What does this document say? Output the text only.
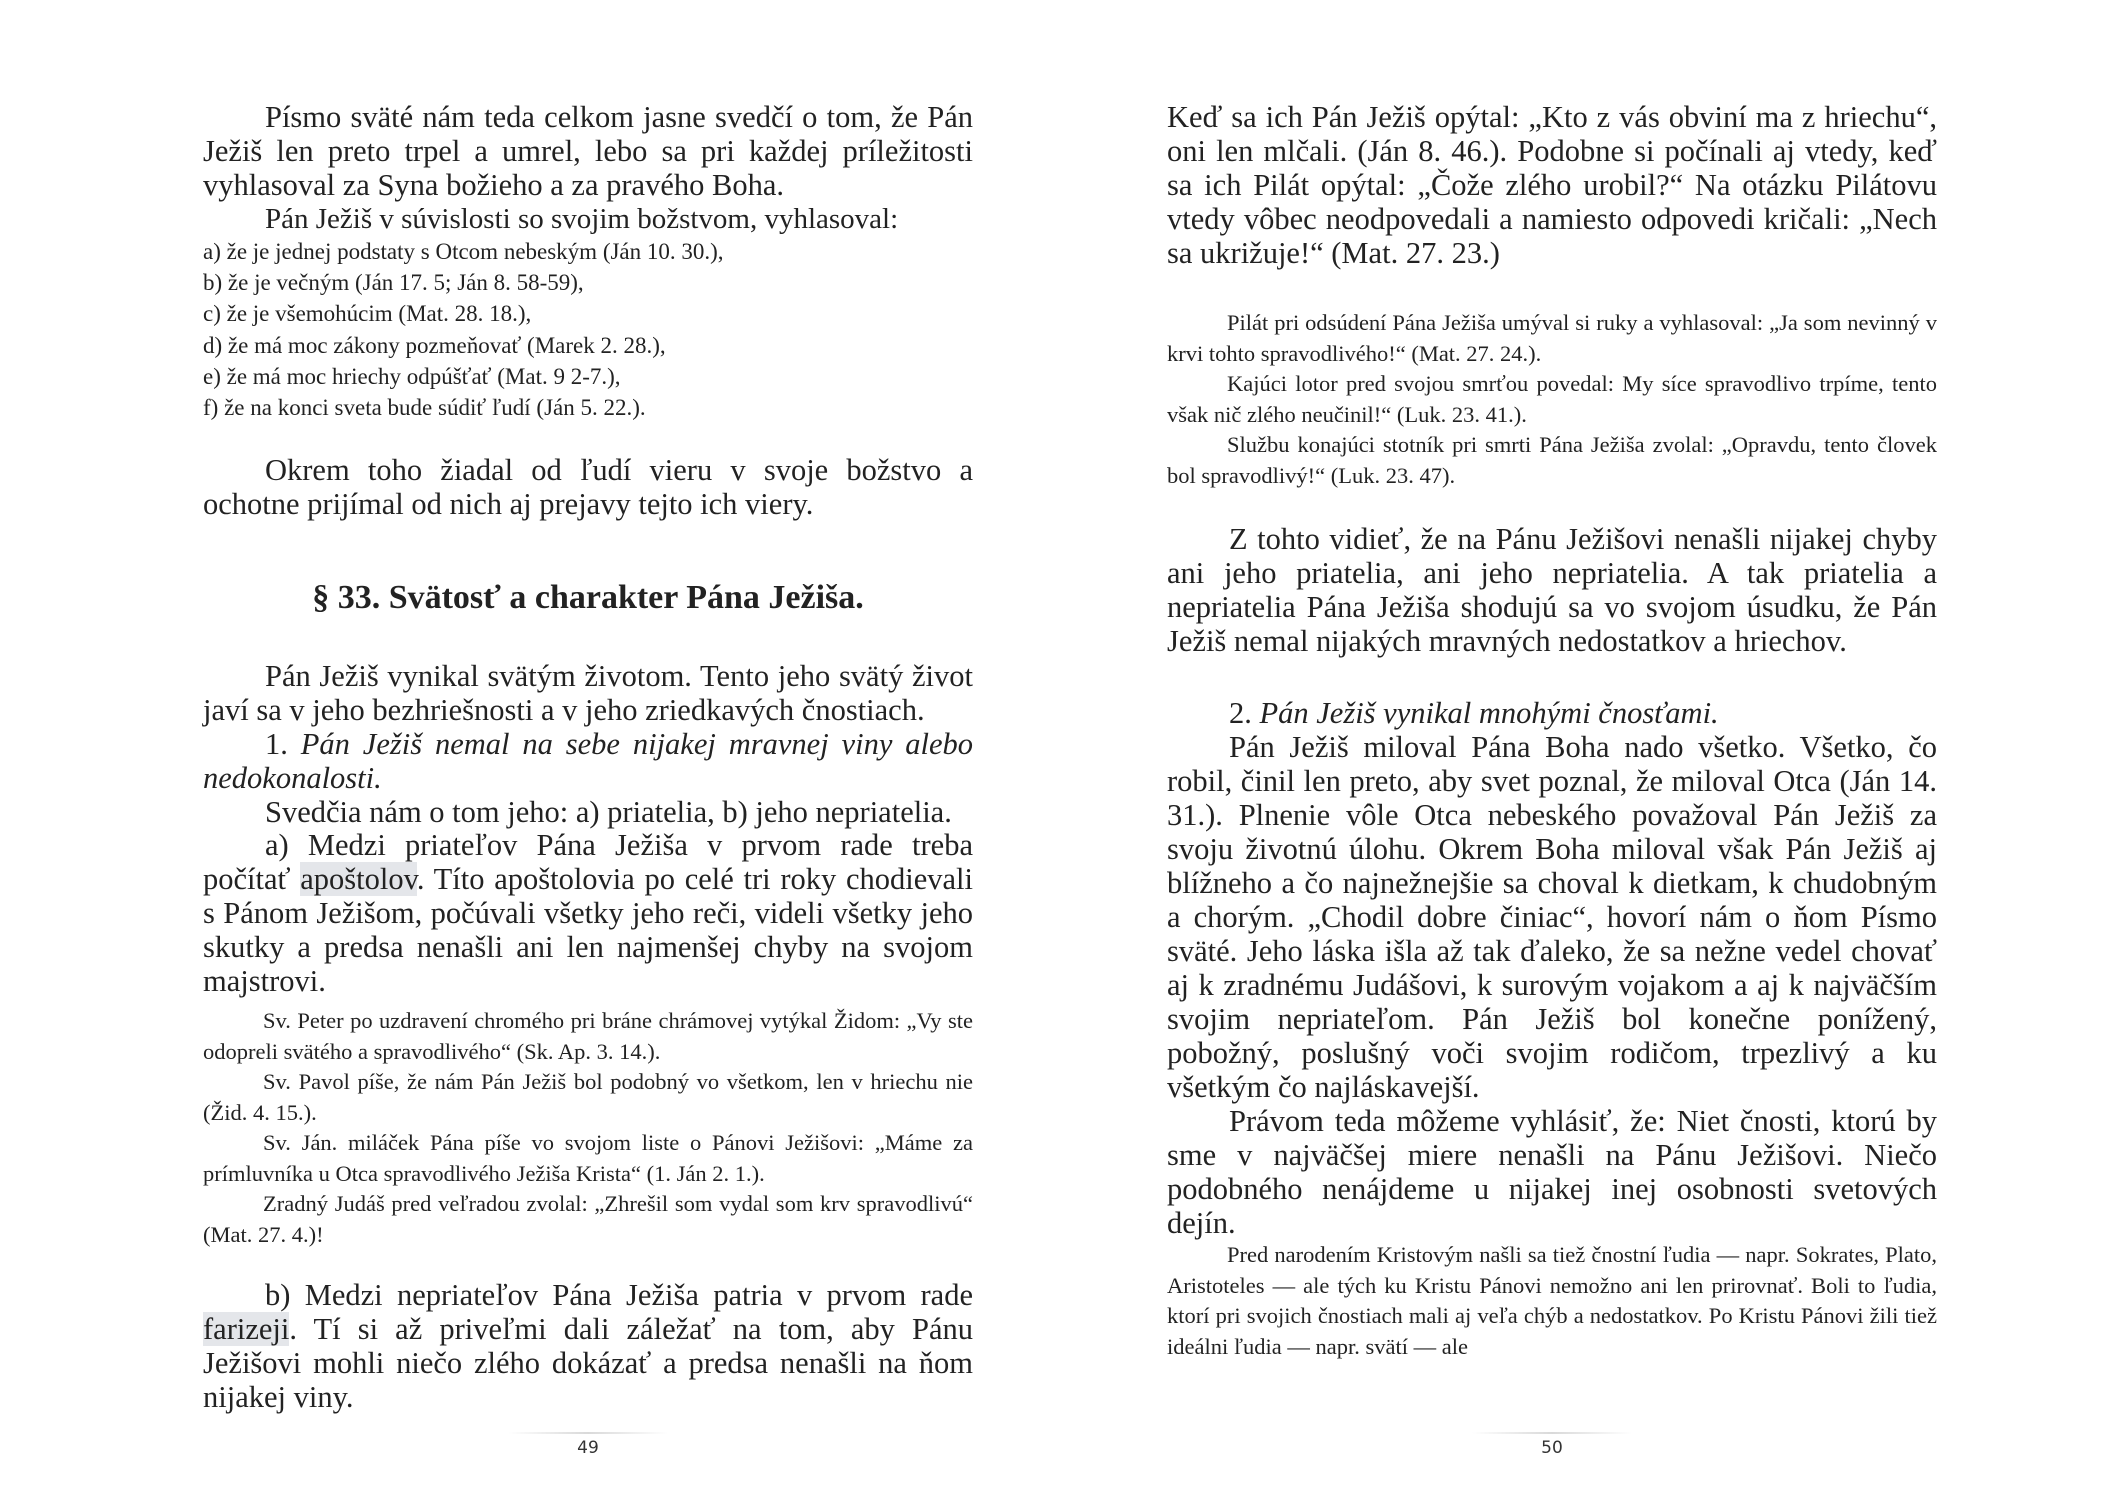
Písmo sväté nám teda celkom jasne svedčí o tom, že Pán Ježiš len preto trpel a umrel, lebo sa pri každej príležitosti vyhlasoval za Syna božieho a za pravého Boha.

Pán Ježiš v súvislosti so svojim božstvom, vyhlasoval:

a) že je jednej podstaty s Otcom nebeským (Ján 10. 30.),
b) že je večným (Ján 17. 5; Ján 8. 58-59),
c) že je všemohúcim (Mat. 28. 18.),
d) že má moc zákony pozmeňovať (Marek 2. 28.),
e) že má moc hriechy odpúšťať (Mat. 9 2-7.),
f) že na konci sveta bude súdiť ľudí (Ján 5. 22.).

Okrem toho žiadal od ľudí vieru v svoje božstvo a ochotne prijímal od nich aj prejavy tejto ich viery.

§ 33. Svätosť a charakter Pána Ježiša.

Pán Ježiš vynikal svätým životom. Tento jeho svätý život javí sa v jeho bezhriešnosti a v jeho zriedkavých čnostiach.

1. Pán Ježiš nemal na sebe nijakej mravnej viny alebo nedokonalosti.

Svedčia nám o tom jeho: a) priatelia, b) jeho nepriatelia.

a) Medzi priateľov Pána Ježiša v prvom rade treba počítať apoštolov. Títo apoštolovia po celé tri roky chodievali s Pánom Ježišom, počúvali všetky jeho reči, videli všetky jeho skutky a predsa nenašli ani len najmenšej chyby na svojom majstrovi.

Sv. Peter po uzdravení chromého pri bráne chrámovej vytýkal Židom: „Vy ste odopreli svätého a spravodlivého“ (Sk. Ap. 3. 14.).

Sv. Pavol píše, že nám Pán Ježiš bol podobný vo všetkom, len v hriechu nie (Žid. 4. 15.).

Sv. Ján. miláček Pána píše vo svojom liste o Pánovi Ježišovi: „Máme za prímluvníka u Otca spravodlivého Ježiša Krista“ (1. Ján 2. 1.).

Zradný Judáš pred veľradou zvolal: „Zhrešil som vydal som krv spravodlivú“ (Mat. 27. 4.)!

b) Medzi nepriateľov Pána Ježiša patria v prvom rade farizeji. Tí si až priveľmi dali záležať na tom, aby Pánu Ježišovi mohli niečo zlého dokázať a predsa nenašli na ňom nijakej viny.

49

Keď sa ich Pán Ježiš opýtal: „Kto z vás obviní ma z hriechu“, oni len mlčali. (Ján 8. 46.). Podobne si počínali aj vtedy, keď sa ich Pilát opýtal: „Čože zlého urobil?“ Na otázku Pilátovu vtedy vôbec neodpovedali a namiesto odpovedi kričali: „Nech sa ukrižuje!“ (Mat. 27. 23.)

Pilát pri odsúdení Pána Ježiša umýval si ruky a vyhlasoval: „Ja som nevinný v krvi tohto spravodlivého!“ (Mat. 27. 24.).

Kajúci lotor pred svojou smrťou povedal: My síce spravodlivo trpíme, tento však nič zlého neučinil!“ (Luk. 23. 41.).

Službu konajúci stotník pri smrti Pána Ježiša zvolal: „Opravdu, tento človek bol spravodlivý!“ (Luk. 23. 47).

Z tohto vidieť, že na Pánu Ježišovi nenašli nijakej chyby ani jeho priatelia, ani jeho nepriatelia. A tak priatelia a nepriatelia Pána Ježiša shodujú sa vo svojom úsudku, že Pán Ježiš nemal nijakých mravných nedostatkov a hriechov.

2. Pán Ježiš vynikal mnohými čnosťami.

Pán Ježiš miloval Pána Boha nado všetko. Všetko, čo robil, činil len preto, aby svet poznal, že miloval Otca (Ján 14. 31.). Plnenie vôle Otca nebeského považoval Pán Ježiš za svoju životnú úlohu. Okrem Boha miloval však Pán Ježiš aj blížneho a čo najnežnejšie sa choval k dietkam, k chudobným a chorým. „Chodil dobre činiac“, hovorí nám o ňom Písmo sväté. Jeho láska išla až tak ďaleko, že sa nežne vedel chovať aj k zradnému Judášovi, k surovým vojakom a aj k najväčším svojim nepriateľom. Pán Ježiš bol konečne ponížený, pobožný, poslušný voči svojim rodičom, trpezlivý a ku všetkým čo najláskavejší.

Právom teda môžeme vyhlásiť, že: Niet čnosti, ktorú by sme v najväčšej miere nenašli na Pánu Ježišovi. Niečo podobného nenájdeme u nijakej inej osobnosti svetových dejín.

Pred narodením Kristovým našli sa tiež čnostní ľudia — napr. Sokrates, Plato, Aristoteles — ale tých ku Kristu Pánovi nemožno ani len prirovnať. Boli to ľudia, ktorí pri svojich čnostiach mali aj veľa chýb a nedostatkov. Po Kristu Pánovi žili tiež ideálni ľudia — napr. svätí — ale

50
